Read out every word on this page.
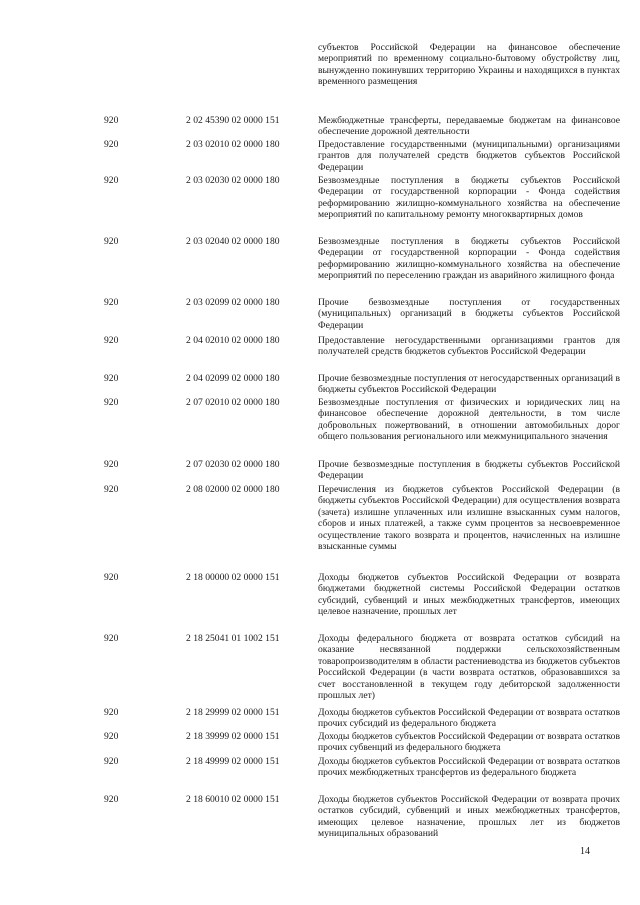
субъектов Российской Федерации на финансовое обеспечение мероприятий по временному социально-бытовому обустройству лиц, вынужденно покинувших территорию Украины и находящихся в пунктах временного размещения
920	2 02 45390 02 0000 151	Межбюджетные трансферты, передаваемые бюджетам на финансовое обеспечение дорожной деятельности
920	2 03 02010 02 0000 180	Предоставление государственными (муниципальными) организациями грантов для получателей средств бюджетов субъектов Российской Федерации
920	2 03 02030 02 0000 180	Безвозмездные поступления в бюджеты субъектов Российской Федерации от государственной корпорации - Фонда содействия реформированию жилищно-коммунального хозяйства на обеспечение мероприятий по капитальному ремонту многоквартирных домов
920	2 03 02040 02 0000 180	Безвозмездные поступления в бюджеты субъектов Российской Федерации от государственной корпорации - Фонда содействия реформированию жилищно-коммунального хозяйства на обеспечение мероприятий по переселению граждан из аварийного жилищного фонда
920	2 03 02099 02 0000 180	Прочие безвозмездные поступления от государственных (муниципальных) организаций в бюджеты субъектов Российской Федерации
920	2 04 02010 02 0000 180	Предоставление негосударственными организациями грантов для получателей средств бюджетов субъектов Российской Федерации
920	2 04 02099 02 0000 180	Прочие безвозмездные поступления от негосударственных организаций в бюджеты субъектов Российской Федерации
920	2 07 02010 02 0000 180	Безвозмездные поступления от физических и юридических лиц на финансовое обеспечение дорожной деятельности, в том числе добровольных пожертвований, в отношении автомобильных дорог общего пользования регионального или межмуниципального значения
920	2 07 02030 02 0000 180	Прочие безвозмездные поступления в бюджеты субъектов Российской Федерации
920	2 08 02000 02 0000 180	Перечисления из бюджетов субъектов Российской Федерации (в бюджеты субъектов Российской Федерации) для осуществления возврата (зачета) излишне уплаченных или излишне взысканных сумм налогов, сборов и иных платежей, а также сумм процентов за несвоевременное осуществление такого возврата и процентов, начисленных на излишне взысканные суммы
920	2 18 00000 02 0000 151	Доходы бюджетов субъектов Российской Федерации от возврата бюджетами бюджетной системы Российской Федерации остатков субсидий, субвенций и иных межбюджетных трансфертов, имеющих целевое назначение, прошлых лет
920	2 18 25041 01 1002 151	Доходы федерального бюджета от возврата остатков субсидий на оказание несвязанной поддержки сельскохозяйственным товаропроизводителям в области растениеводства из бюджетов субъектов Российской Федерации (в части возврата остатков, образовавшихся за счет восстановленной в текущем году дебиторской задолженности прошлых лет)
920	2 18 29999 02 0000 151	Доходы бюджетов субъектов Российской Федерации от возврата остатков прочих субсидий из федерального бюджета
920	2 18 39999 02 0000 151	Доходы бюджетов субъектов Российской Федерации от возврата остатков прочих субвенций из федерального бюджета
920	2 18 49999 02 0000 151	Доходы бюджетов субъектов Российской Федерации от возврата остатков прочих межбюджетных трансфертов из федерального бюджета
920	2 18 60010 02 0000 151	Доходы бюджетов субъектов Российской Федерации от возврата прочих остатков субсидий, субвенций и иных межбюджетных трансфертов, имеющих целевое назначение, прошлых лет из бюджетов муниципальных образований
14
